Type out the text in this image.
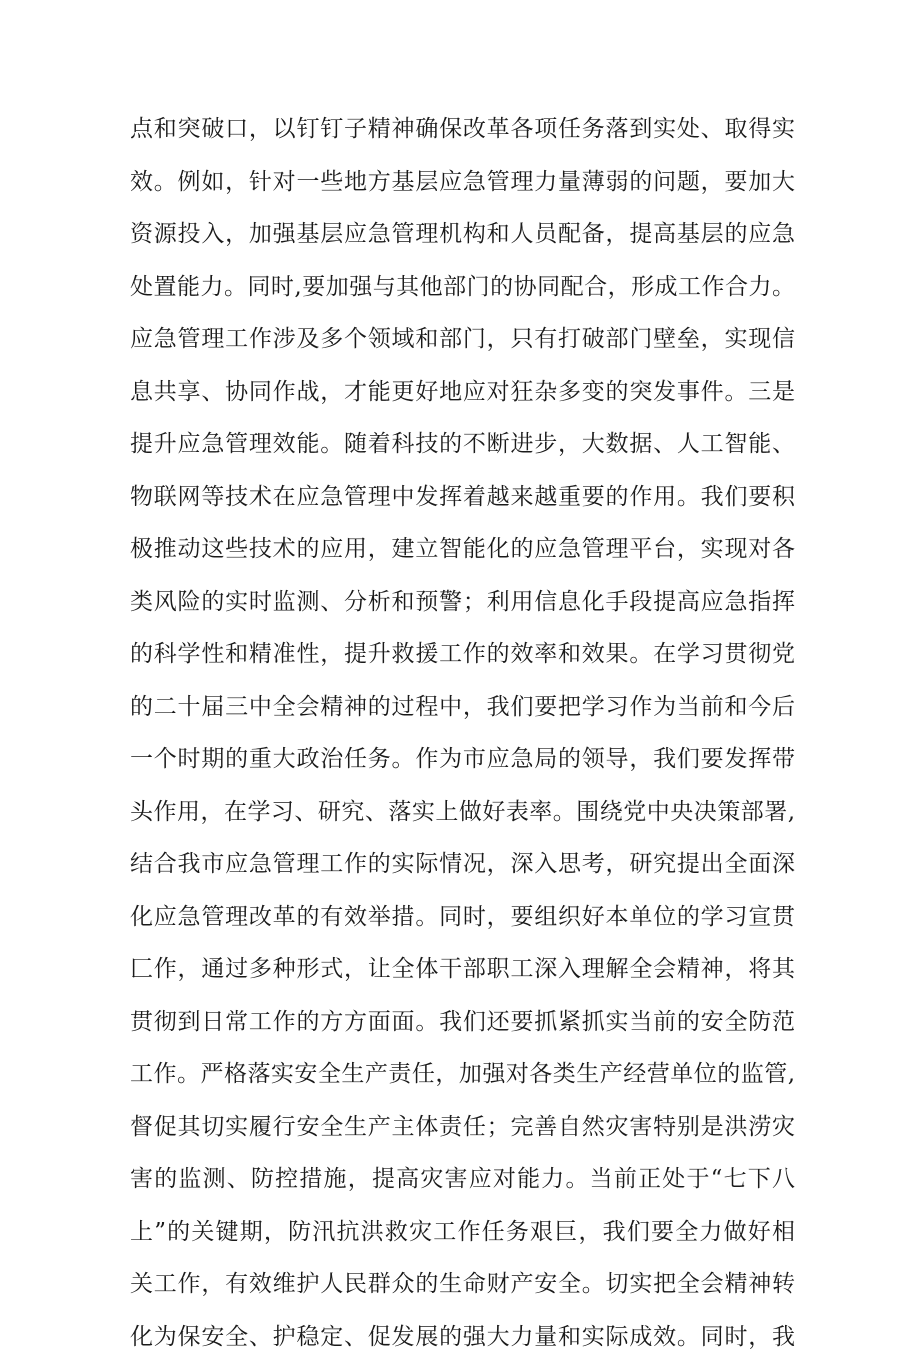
点和突破口，以钉钉子精神确保改革各项任务落到实处、取得实
效。例如，针对一些地方基层应急管理力量薄弱的问题，要加大
资源投入，加强基层应急管理机构和人员配备，提高基层的应急
处置能力。同时,要加强与其他部门的协同配合，形成工作合力。
应急管理工作涉及多个领域和部门，只有打破部门壁垒，实现信
息共享、协同作战，才能更好地应对狂杂多变的突发事件。三是
提升应急管理效能。随着科技的不断进步，大数据、人工智能、
物联网等技术在应急管理中发挥着越来越重要的作用。我们要积
极推动这些技术的应用，建立智能化的应急管理平台，实现对各
类风险的实时监测、分析和预警；利用信息化手段提高应急指挥
的科学性和精准性，提升救援工作的效率和效果。在学习贯彻党
的二十届三中全会精神的过程中，我们要把学习作为当前和今后
一个时期的重大政治任务。作为市应急局的领导，我们要发挥带
头作用，在学习、研究、落实上做好表率。围绕党中央决策部署,
结合我市应急管理工作的实际情况，深入思考，研究提出全面深
化应急管理改革的有效举措。同时，要组织好本单位的学习宣贯
匚作，通过多种形式，让全体干部职工深入理解全会精神，将其
贯彻到日常工作的方方面面。我们还要抓紧抓实当前的安全防范
工作。严格落实安全生产责任，加强对各类生产经营单位的监管,
督促其切实履行安全生产主体责任；完善自然灾害特别是洪涝灾
害的监测、防控措施，提高灾害应对能力。当前正处于“七下八
上”的关键期，防汛抗洪救灾工作任务艰巨，我们要全力做好相
关工作，有效维护人民群众的生命财产安全。切实把全会精神转
化为保安全、护稳定、促发展的强大力量和实际成效。同时，我
